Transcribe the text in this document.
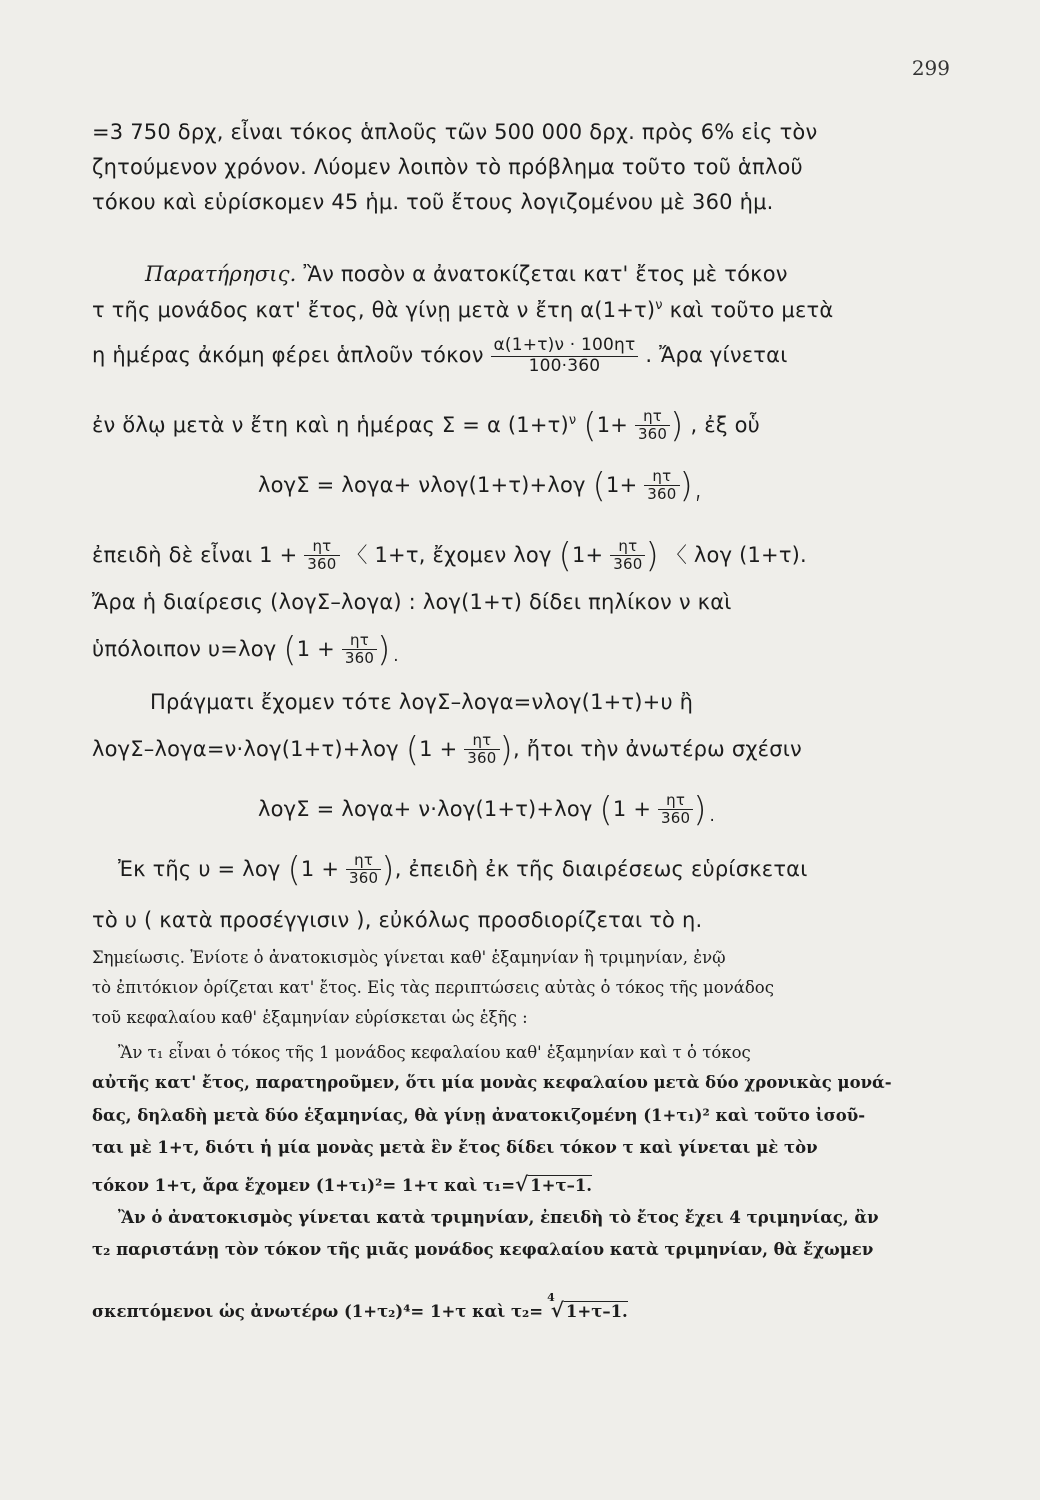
299
=3 750 δρχ, εἶναι τόκος ἁπλοῦς τῶν 500 000 δρχ. πρὸς 6% εἰς τὸν
ζητούμενον χρόνον. Λύομεν λοιπὸν τὸ πρόβλημα τοῦτο τοῦ ἁπλοῦ
τόκου καὶ εὑρίσκομεν 45 ἡμ. τοῦ ἔτους λογιζομένου μὲ 360 ἡμ.
Παρατήρησις. Ἂν ποσὸν α ἀνατοκίζεται κατ' ἔτος μὲ τόκον
τ τῆς μονάδος κατ' ἔτος, θὰ γίνῃ μετὰ ν ἔτη $\alpha(1+\tau)^\nu$ καὶ τοῦτο μετὰ
η ἡμέρας ἀκόμη φέρει ἁπλοῦν τόκον $\frac{\alpha(1+\tau)\nu \cdot 100\eta\tau}{100\cdot 360}$ . Ἄρα γίνεται
ἐν ὅλῳ μετὰ ν ἔτη καὶ η ἡμέρας Σ = α $(1+\tau)^\nu$ ($1+ \frac{\eta\tau}{360}$ ) , ἐξ οὗ
λογΣ = λογα+ νλογ(1+τ)+λογ ($1+ \frac{\eta\tau}{360}$ ),
ἐπειδὴ δὲ εἶναι $1 + \frac{\eta\tau}{360}$ 〈 1+τ, ἔχομεν λογ ($1+ \frac{\eta\tau}{360}$ ) 〈 λογ (1+τ).
Ἄρα ἡ διαίρεσις (λογΣ–λογα) : λογ(1+τ) δίδει πηλίκον ν καὶ
ὑπόλοιπον υ=λογ ($1 + \frac{\eta\tau}{360}$ ).
Πράγματι ἔχομεν τότε λογΣ–λογα=νλογ(1+τ)+υ ἢ
λογΣ–λογα=ν·λογ(1+τ)+λογ ($1 + \frac{\eta\tau}{360}$ ), ἤτοι τὴν ἀνωτέρω σχέσιν
λογΣ = λογα+ ν·λογ(1+τ)+λογ ($1 + \frac{\eta\tau}{360}$ ).
Ἐκ τῆς υ = λογ ($1 + \frac{\eta\tau}{360}$ ), ἐπειδὴ ἐκ τῆς διαιρέσεως εὑρίσκεται
τὸ υ ( κατὰ προσέγγισιν ), εὐκόλως προσδιορίζεται τὸ η.
Σημείωσις. Ἐνίοτε ὁ ἀνατοκισμὸς γίνεται καθ' ἑξαμηνίαν ἢ τριμηνίαν, ἐνῷ
τὸ ἐπιτόκιον ὁρίζεται κατ' ἔτος. Εἰς τὰς περιπτώσεις αὐτὰς ὁ τόκος τῆς μονάδος
τοῦ κεφαλαίου καθ' ἑξαμηνίαν εὑρίσκεται ὡς ἑξῆς :
Ἂν τ₁ εἶναι ὁ τόκος τῆς 1 μονάδος κεφαλαίου καθ' ἑξαμηνίαν καὶ τ ὁ τόκος
αὐτῆς κατ' ἔτος, παρατηροῦμεν, ὅτι μία μονὰς κεφαλαίου μετὰ δύο χρονικὰς μονά-
δας, δηλαδὴ μετὰ δύο ἑξαμηνίας, θὰ γίνῃ ἀνατοκιζομένη (1+τ₁)² καὶ τοῦτο ἰσοῦ-
ται μὲ 1+τ, διότι ἡ μία μονὰς μετὰ ἓν ἔτος δίδει τόκον τ καὶ γίνεται μὲ τὸν
τόκον 1+τ, ἄρα ἔχομεν (1+τ₁)²= 1+τ καὶ τ₁=√ 1+τ–1.
Ἂν ὁ ἀνατοκισμὸς γίνεται κατὰ τριμηνίαν, ἐπειδὴ τὸ ἔτος ἔχει 4 τριμηνίας, ἂν
τ₂ παριστάνῃ τὸν τόκον τῆς μιᾶς μονάδος κεφαλαίου κατὰ τριμηνίαν, θὰ ἔχωμεν
σκεπτόμενοι ὡς ἀνωτέρω (1+τ₂)⁴= 1+τ καὶ τ₂=$^4$√ 1+τ–1.
